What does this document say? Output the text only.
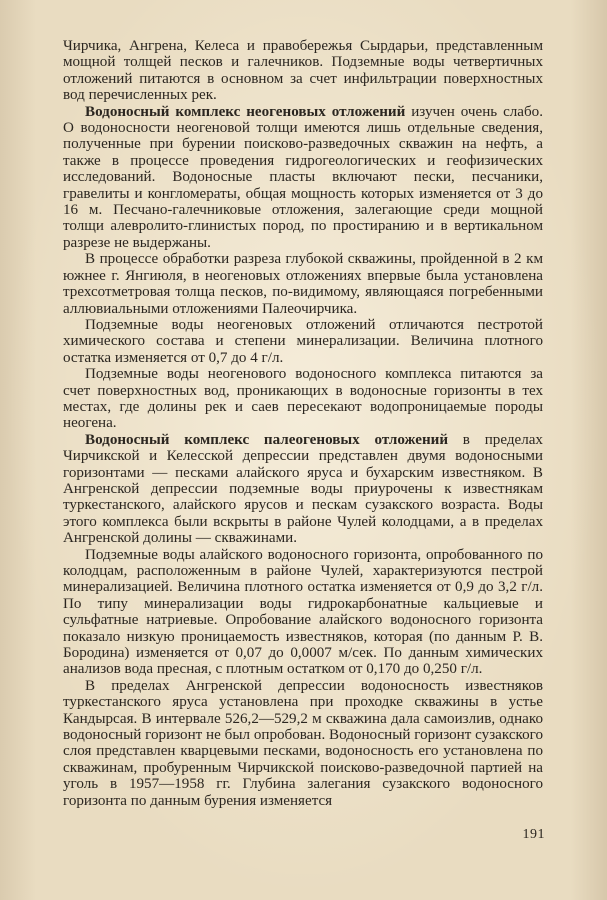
Чирчика, Ангрена, Келеса и правобережья Сырдарьи, представленным мощной толщей песков и галечников. Подземные воды четвертичных отложений питаются в основном за счет инфильтрации поверхностных вод перечисленных рек.

Водоносный комплекс неогеновых отложений изучен очень слабо. О водоносности неогеновой толщи имеются лишь отдельные сведения, полученные при бурении поисково-разведочных скважин на нефть, а также в процессе проведения гидрогеологических и геофизических исследований. Водоносные пласты включают пески, песчаники, гравелиты и конгломераты, общая мощность которых изменяется от 3 до 16 м. Песчано-галечниковые отложения, залегающие среди мощной толщи алевролито-глинистых пород, по простиранию и в вертикальном разрезе не выдержаны.

В процессе обработки разреза глубокой скважины, пройденной в 2 км южнее г. Янгиюля, в неогеновых отложениях впервые была установлена трехсотметровая толща песков, по-видимому, являющаяся погребенными аллювиальными отложениями Палеочирчика.

Подземные воды неогеновых отложений отличаются пестротой химического состава и степени минерализации. Величина плотного остатка изменяется от 0,7 до 4 г/л.

Подземные воды неогенового водоносного комплекса питаются за счет поверхностных вод, проникающих в водоносные горизонты в тех местах, где долины рек и саев пересекают водопроницаемые породы неогена.

Водоносный комплекс палеогеновых отложений в пределах Чирчикской и Келесской депрессии представлен двумя водоносными горизонтами — песками алайского яруса и бухарским известняком. В Ангренской депрессии подземные воды приурочены к известнякам туркестанского, алайского ярусов и пескам сузакского возраста. Воды этого комплекса были вскрыты в районе Чулей колодцами, а в пределах Ангренской долины — скважинами.

Подземные воды алайского водоносного горизонта, опробованного по колодцам, расположенным в районе Чулей, характеризуются пестрой минерализацией. Величина плотного остатка изменяется от 0,9 до 3,2 г/л. По типу минерализации воды гидрокарбонатные кальциевые и сульфатные натриевые. Опробование алайского водоносного горизонта показало низкую проницаемость известняков, которая (по данным Р. В. Бородина) изменяется от 0,07 до 0,0007 м/сек. По данным химических анализов вода пресная, с плотным остатком от 0,170 до 0,250 г/л.

В пределах Ангренской депрессии водоносность известняков туркестанского яруса установлена при проходке скважины в устье Кандырсая. В интервале 526,2—529,2 м скважина дала самоизлив, однако водоносный горизонт не был опробован. Водоносный горизонт сузакского слоя представлен кварцевыми песками, водоносность его установлена по скважинам, пробуренным Чирчикской поисково-разведочной партией на уголь в 1957—1958 гг. Глубина залегания сузакского водоносного горизонта по данным бурения изменяется

191
